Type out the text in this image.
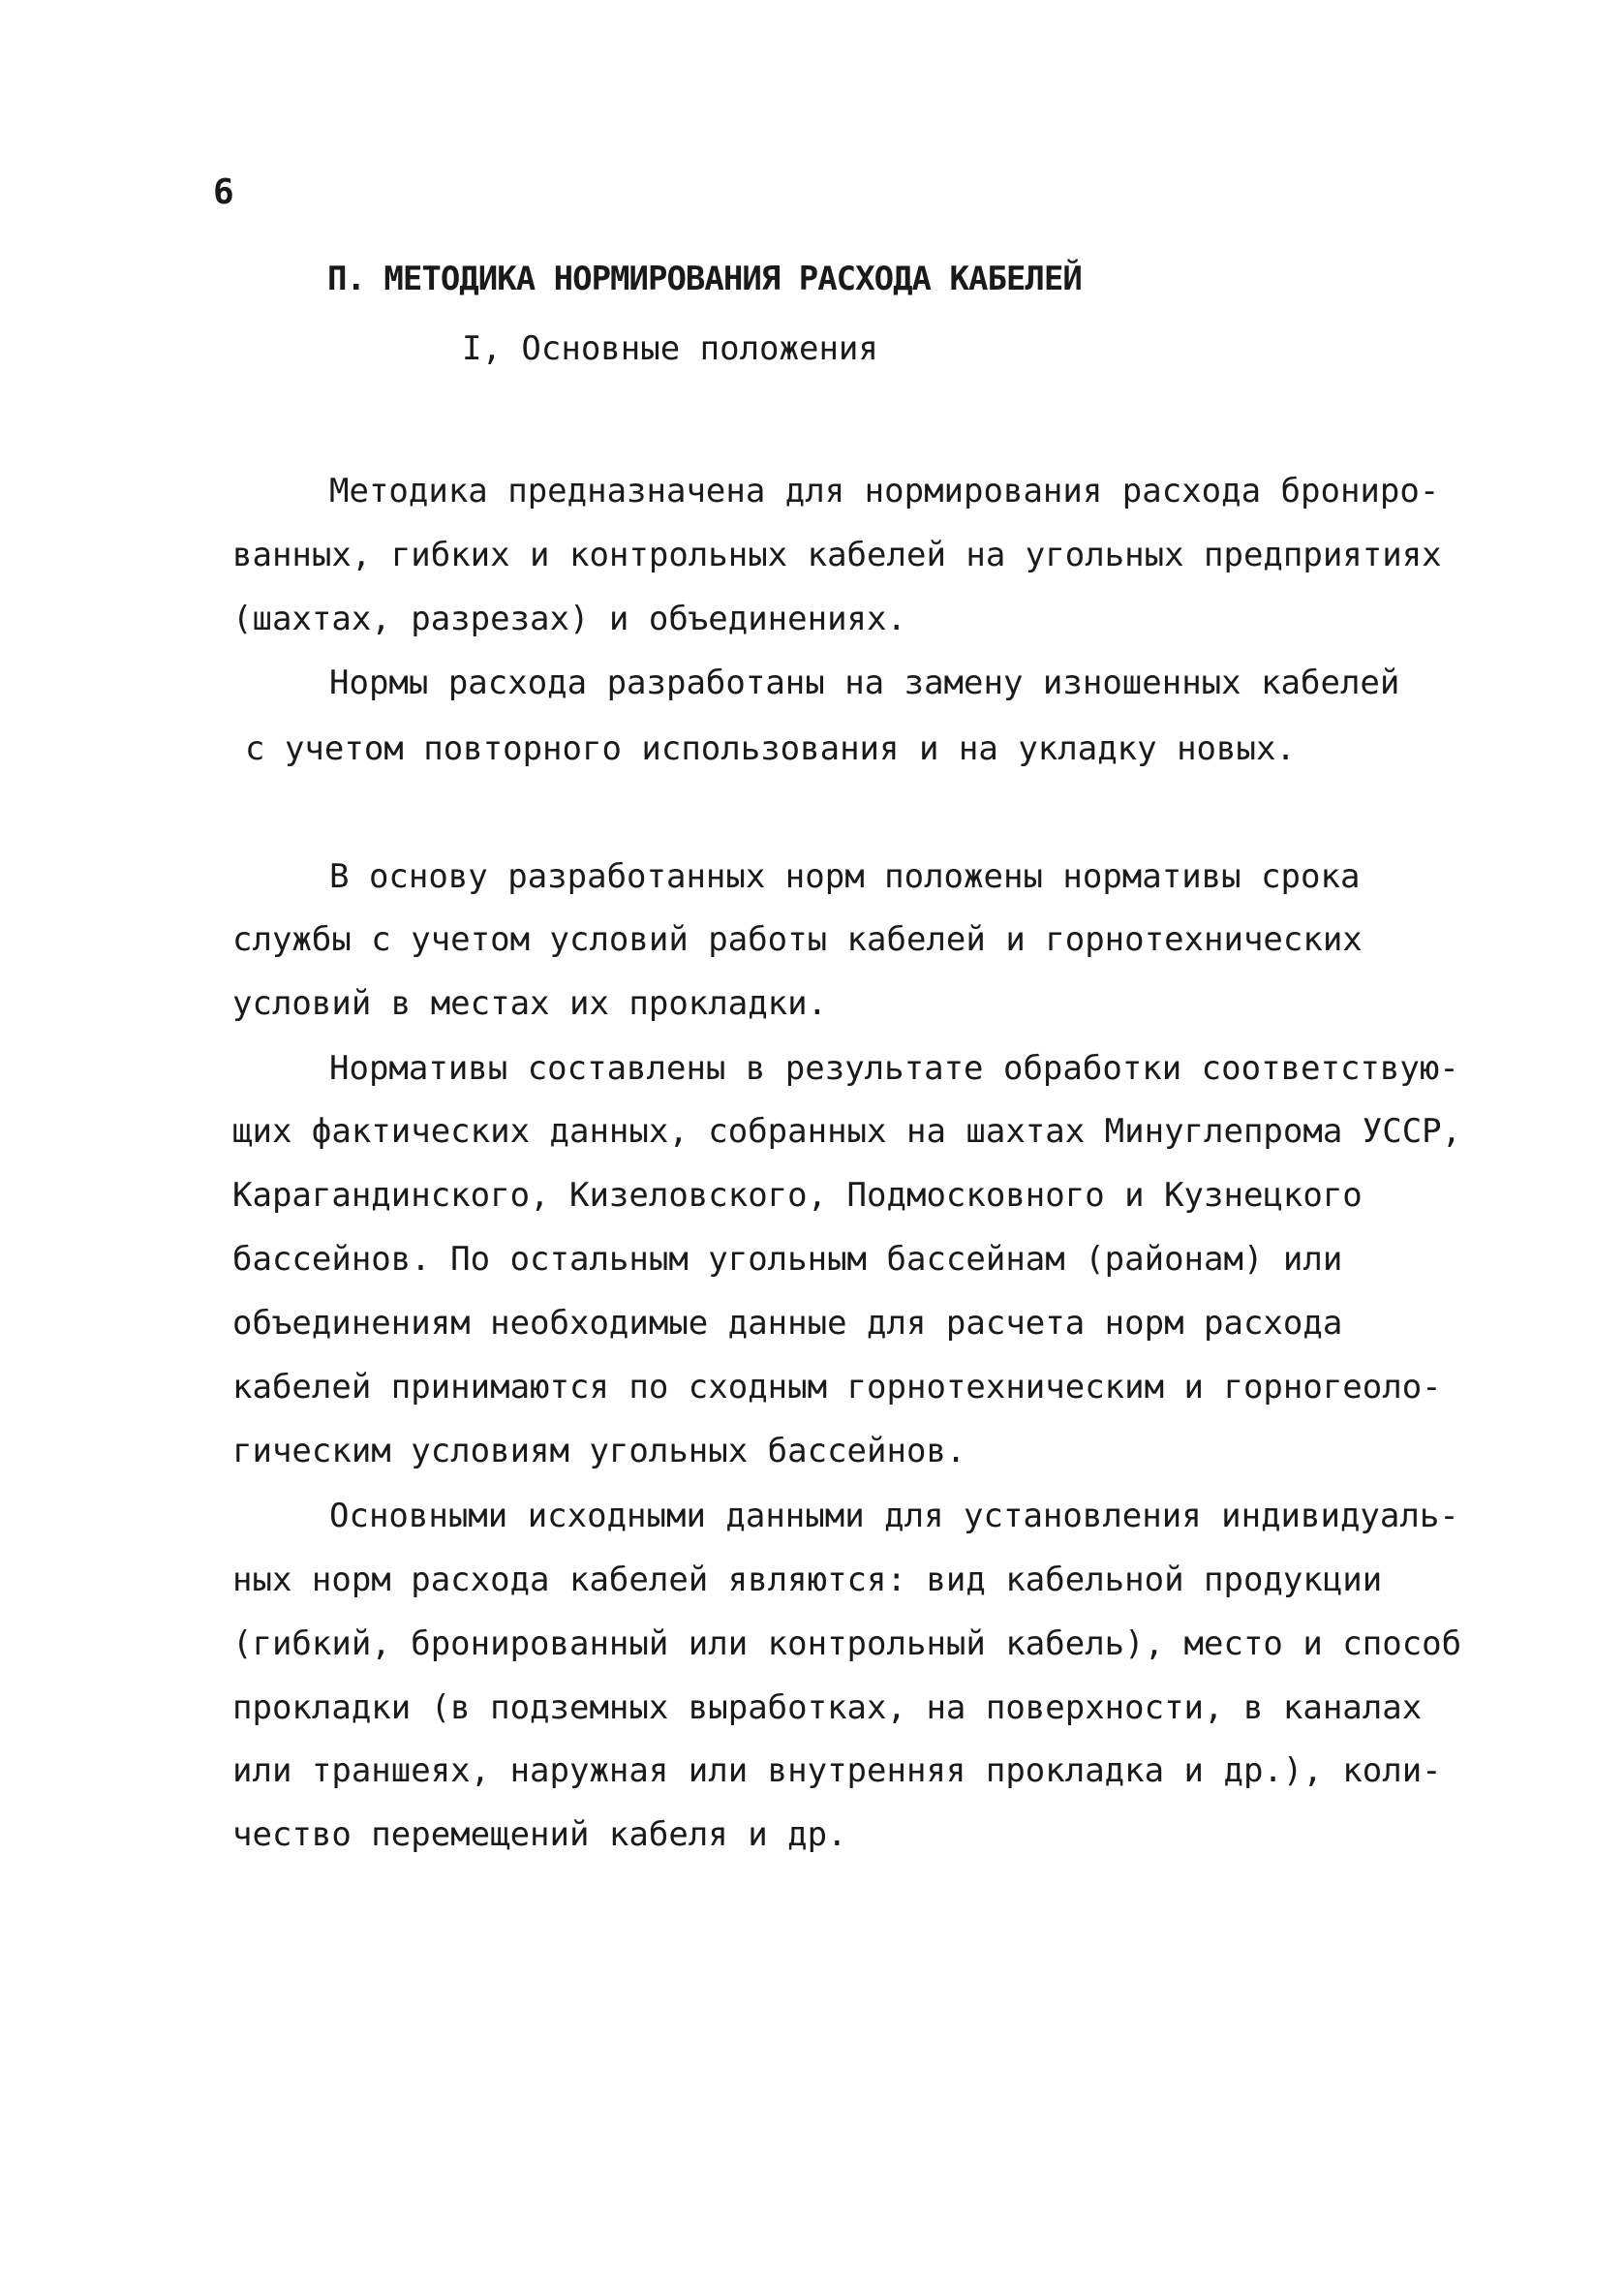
6
П. МЕТОДИКА НОРМИРОВАНИЯ РАСХОДА КАБЕЛЕЙ
I, Основные положения
Методика предназначена для нормирования расхода брониро-
ванных, гибких и контрольных кабелей на угольных предприятиях
(шахтах, разрезах) и объединениях.
Нормы расхода разработаны на замену изношенных кабелей
с учетом повторного использования и на укладку новых.
В основу разработанных норм положены нормативы срока
службы с учетом условий работы кабелей и горнотехнических
условий в местах их прокладки.
Нормативы составлены в результате обработки соответствую-
щих фактических данных, собранных на шахтах Минуглепрома УССР,
Карагандинского, Кизеловского, Подмосковного и Кузнецкого
бассейнов. По остальным угольным бассейнам (районам) или
объединениям необходимые данные для расчета норм расхода
кабелей принимаются по сходным горнотехническим и горногеоло-
гическим условиям угольных бассейнов.
Основными исходными данными для установления индивидуаль-
ных норм расхода кабелей являются: вид кабельной продукции
(гибкий, бронированный или контрольный кабель), место и способ
прокладки (в подземных выработках, на поверхности, в каналах
или траншеях, наружная или внутренняя прокладка и др.), коли-
чество перемещений кабеля и др.
